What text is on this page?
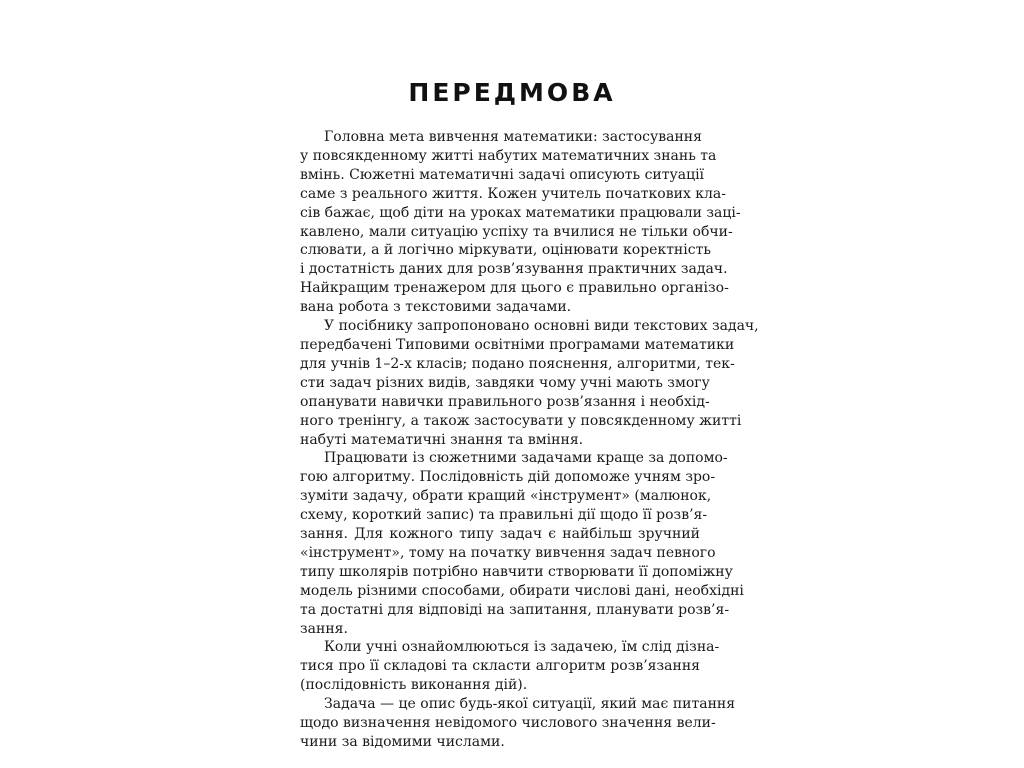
ПЕРЕДМОВА

Головна мета вивчення математики: застосування
у повсякденному житті набутих математичних знань та
вмінь. Сюжетні математичні задачі описують ситуації
саме з реального життя. Кожен учитель початкових кла-
сів бажає, щоб діти на уроках математики працювали заці-
кавлено, мали ситуацію успіху та вчилися не тільки обчи-
слювати, а й логічно міркувати, оцінювати коректність
і достатність даних для розв’язування практичних задач.
Найкращим тренажером для цього є правильно організо-
вана робота з текстовими задачами.

У посібнику запропоновано основні види текстових задач,
передбачені Типовими освітніми програмами математики
для учнів 1–2-х класів; подано пояснення, алгоритми, тек-
сти задач різних видів, завдяки чому учні мають змогу
опанувати навички правильного розв’язання і необхід-
ного тренінгу, а також застосувати у повсякденному житті
набуті математичні знання та вміння.

Працювати із сюжетними задачами краще за допомо-
гою алгоритму. Послідовність дій допоможе учням зро-
зуміти задачу, обрати кращий «інструмент» (малюнок,
схему, короткий запис) та правильні дії щодо її розв’я-
зання. Для кожного типу задач є найбільш зручний
«інструмент», тому на початку вивчення задач певного
типу школярів потрібно навчити створювати її допоміжну
модель різними способами, обирати числові дані, необхідні
та достатні для відповіді на запитання, планувати розв’я-
зання.

Коли учні ознайомлюються із задачею, їм слід дізна-
тися про її складові та скласти алгоритм розв’язання
(послідовність виконання дій).

Задача — це опис будь-якої ситуації, який має питання
щодо визначення невідомого числового значення вели-
чини за відомими числами.
